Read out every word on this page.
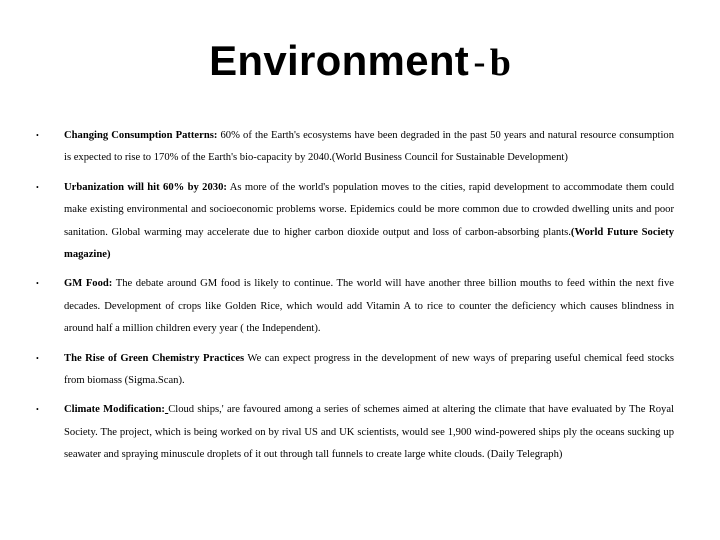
Environment - b
• Changing Consumption Patterns: 60% of the Earth's ecosystems have been degraded in the past 50 years and natural resource consumption is expected to rise to 170% of the Earth's bio-capacity by 2040.(World Business Council for Sustainable Development)
• Urbanization will hit 60% by 2030: As more of the world's population moves to the cities, rapid development to accommodate them could make existing environmental and socioeconomic problems worse. Epidemics could be more common due to crowded dwelling units and poor sanitation. Global warming may accelerate due to higher carbon dioxide output and loss of carbon-absorbing plants.(World Future Society magazine)
• GM Food: The debate around GM food is likely to continue. The world will have another three billion mouths to feed within the next five decades. Development of crops like Golden Rice, which would add Vitamin A to rice to counter the deficiency which causes blindness in around half a million children every year ( the Independent).
• The Rise of Green Chemistry Practices We can expect progress in the development of new ways of preparing useful chemical feed stocks from biomass (Sigma.Scan).
• Climate Modification: Cloud ships,' are favoured among a series of schemes aimed at altering the climate that have evaluated by The Royal Society. The project, which is being worked on by rival US and UK scientists, would see 1,900 wind-powered ships ply the oceans sucking up seawater and spraying minuscule droplets of it out through tall funnels to create large white clouds. (Daily Telegraph)
